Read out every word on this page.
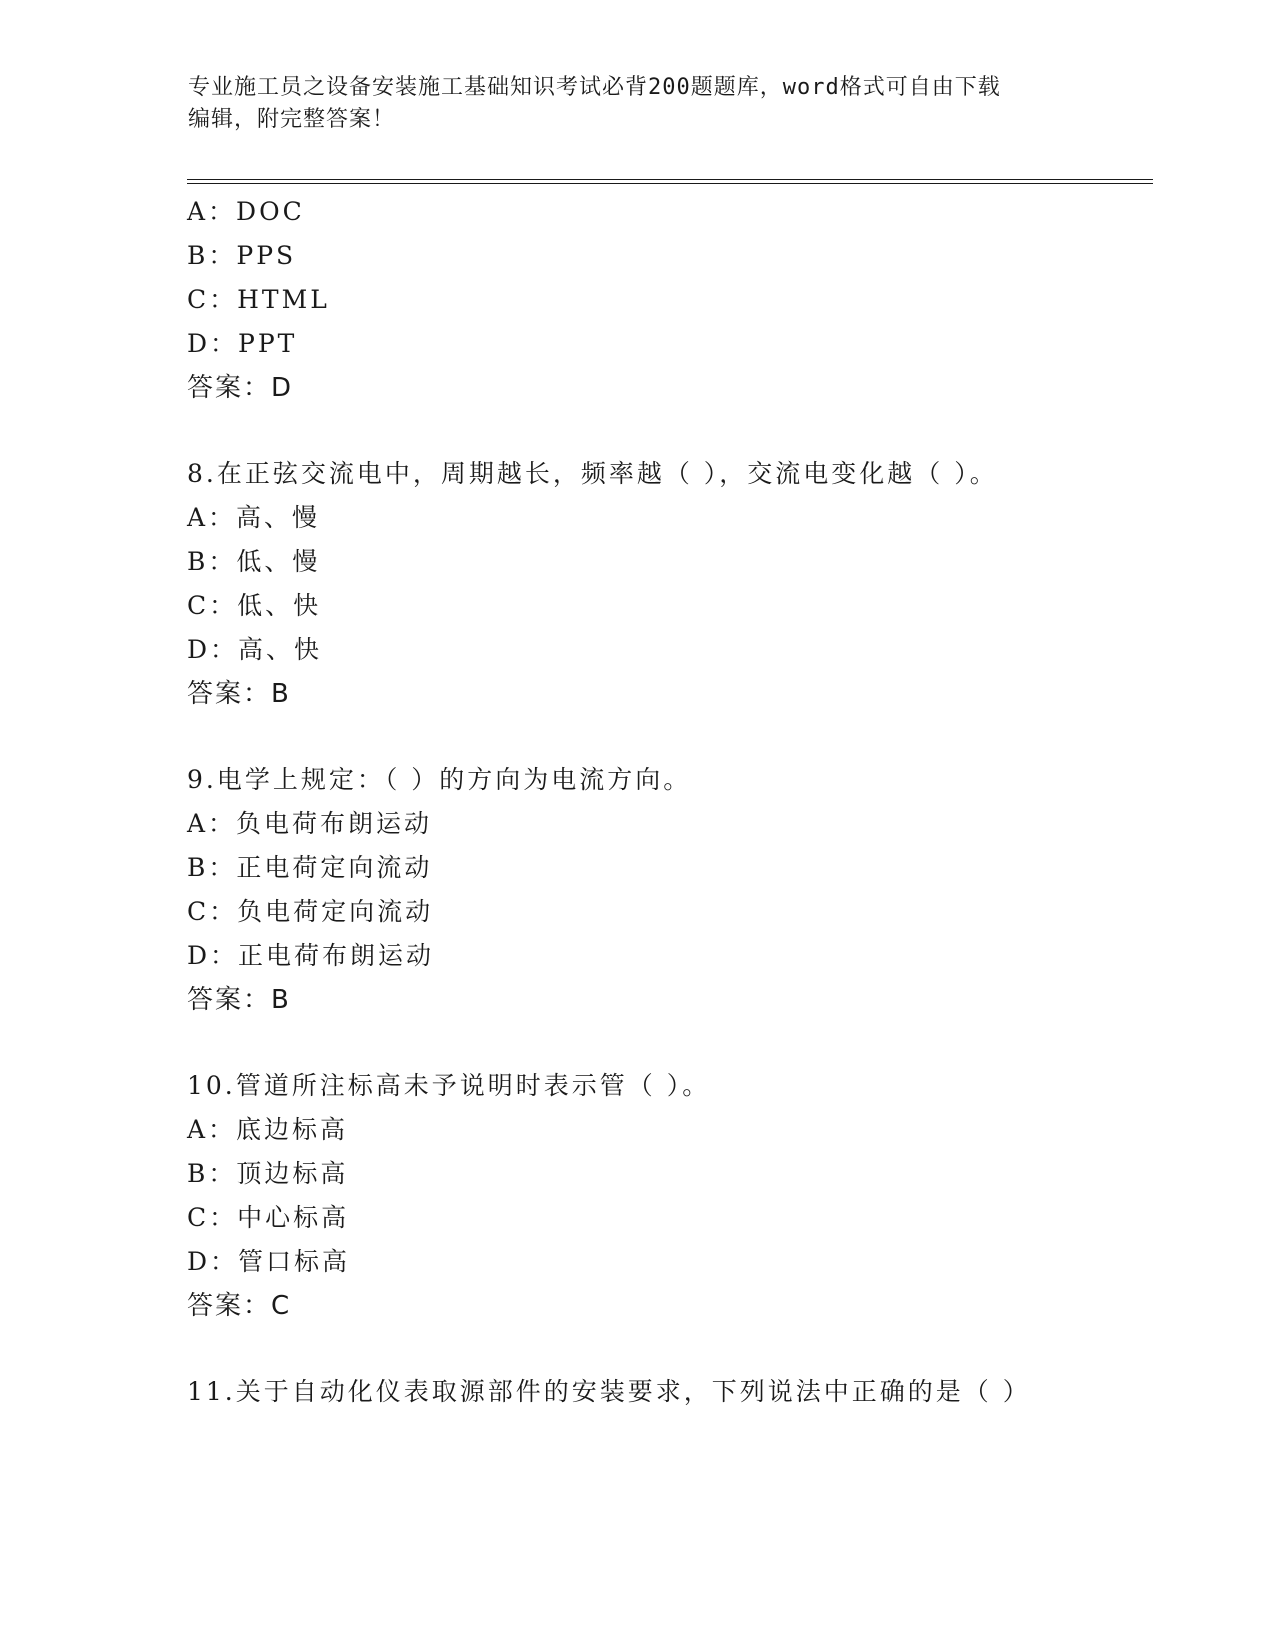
专业施工员之设备安装施工基础知识考试必背200题题库，word格式可自由下载
编辑，附完整答案！
A：DOC
B：PPS
C：HTML
D：PPT
答案：D
8.在正弦交流电中，周期越长，频率越（ ），交流电变化越（ ）。
A：高、慢
B：低、慢
C：低、快
D：高、快
答案：B
9.电学上规定：（ ）的方向为电流方向。
A：负电荷布朗运动
B：正电荷定向流动
C：负电荷定向流动
D：正电荷布朗运动
答案：B
10.管道所注标高未予说明时表示管（ ）。
A：底边标高
B：顶边标高
C：中心标高
D：管口标高
答案：C
11.关于自动化仪表取源部件的安装要求，下列说法中正确的是（ ）
